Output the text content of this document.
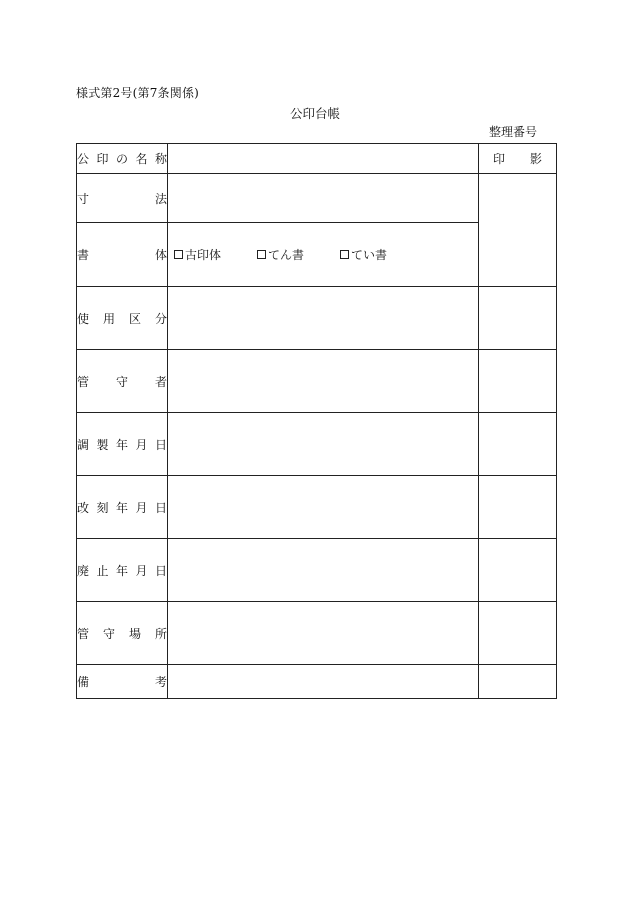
様式第2号(第7条関係)
公印台帳
整理番号
公 印 の 名 称		印 影

寸 法		

書 体	古印体 てん書 てい書	

使 用 区 分		

管 守 者		

調 製 年 月 日		

改 刻 年 月 日		

廃 止 年 月 日		

管 守 場 所		

備 考		
